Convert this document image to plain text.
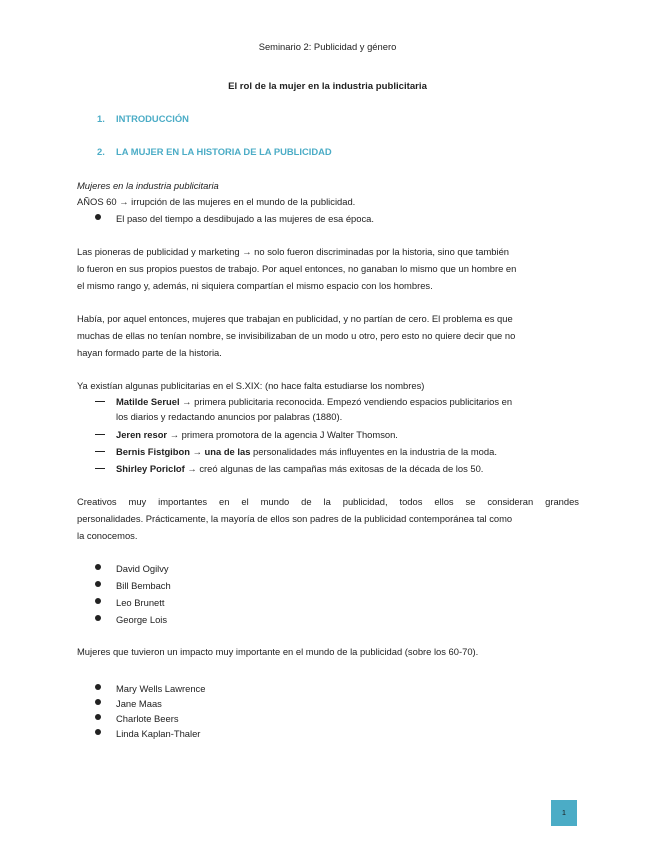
Seminario 2: Publicidad y género
El rol de la mujer en la industria publicitaria
1. INTRODUCCIÓN
2. LA MUJER EN LA HISTORIA DE LA PUBLICIDAD
Mujeres en la industria publicitaria
AÑOS 60 → irrupción de las mujeres en el mundo de la publicidad.
El paso del tiempo a desdibujado a las mujeres de esa época.
Las pioneras de publicidad y marketing → no solo fueron discriminadas por la historia, sino que también
lo fueron en sus propios puestos de trabajo. Por aquel entonces, no ganaban lo mismo que un hombre en
el mismo rango y, además, ni siquiera compartían el mismo espacio con los hombres.
Había, por aquel entonces, mujeres que trabajan en publicidad, y no partían de cero. El problema es que
muchas de ellas no tenían nombre, se invisibilizaban de un modo u otro, pero esto no quiere decir que no
hayan formado parte de la historia.
Ya existían algunas publicitarias en el S.XIX: (no hace falta estudiarse los nombres)
Matilde Seruel → primera publicitaria reconocida. Empezó vendiendo espacios publicitarios en
los diarios y redactando anuncios por palabras (1880).
Jeren resor → primera promotora de la agencia J Walter Thomson.
Bernis Fistgibon → una de las personalidades más influyentes en la industria de la moda.
Shirley Poriclof → creó algunas de las campañas más exitosas de la década de los 50.
Creativos muy importantes en el mundo de la publicidad, todos ellos se consideran grandes
personalidades. Prácticamente, la mayoría de ellos son padres de la publicidad contemporánea tal como
la conocemos.
David Ogilvy
Bill Bembach
Leo Brunett
George Lois
Mujeres que tuvieron un impacto muy importante en el mundo de la publicidad (sobre los 60-70).
Mary Wells Lawrence
Jane Maas
Charlote Beers
Linda Kaplan-Thaler
1
